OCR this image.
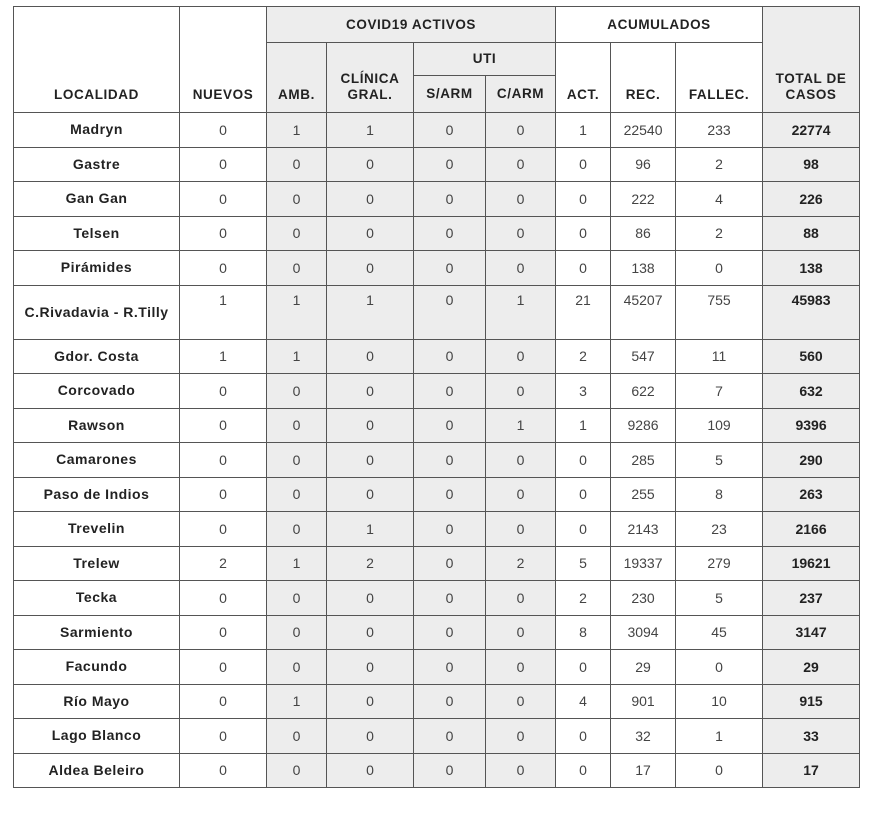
LOCALIDAD	NUEVOS	COVID19 ACTIVOS				ACUMULADOS			TOTAL DE CASOS
		AMB.	CLÍNICA GRAL.	UTI		ACT.	REC.	FALLEC.	
				S/ARM	C/ARM				
Madryn	0	1	1	0	0	1	22540	233	22774
Gastre	0	0	0	0	0	0	96	2	98
Gan Gan	0	0	0	0	0	0	222	4	226
Telsen	0	0	0	0	0	0	86	2	88
Pirámides	0	0	0	0	0	0	138	0	138
C.Rivadavia - R.Tilly	1	1	1	0	1	21	45207	755	45983
Gdor. Costa	1	1	0	0	0	2	547	11	560
Corcovado	0	0	0	0	0	3	622	7	632
Rawson	0	0	0	0	1	1	9286	109	9396
Camarones	0	0	0	0	0	0	285	5	290
Paso de Indios	0	0	0	0	0	0	255	8	263
Trevelin	0	0	1	0	0	0	2143	23	2166
Trelew	2	1	2	0	2	5	19337	279	19621
Tecka	0	0	0	0	0	2	230	5	237
Sarmiento	0	0	0	0	0	8	3094	45	3147
Facundo	0	0	0	0	0	0	29	0	29
Río Mayo	0	1	0	0	0	4	901	10	915
Lago Blanco	0	0	0	0	0	0	32	1	33
Aldea Beleiro	0	0	0	0	0	0	17	0	17
